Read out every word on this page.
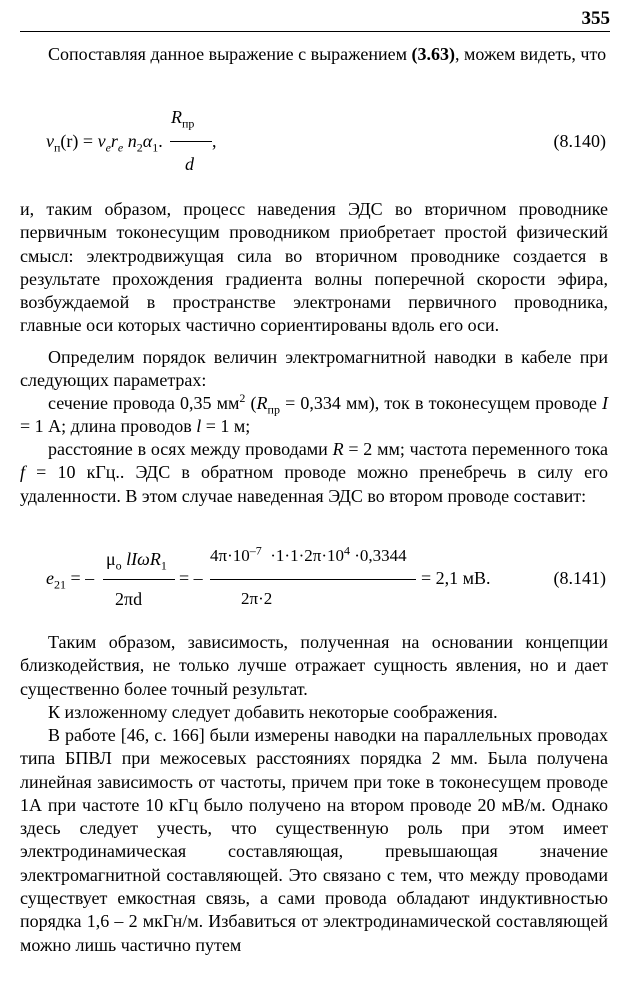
355

Сопоставляя данное выражение с выражением (3.63), можем видеть, что

$R_{пр}$
$v_п(r) = v_er_e$ $n_2\alpha_1$.	,
d
(8.140)

и, таким образом, процесс наведения ЭДС во вторичном проводнике первичным токонесущим проводником приобретает простой физический смысл: электродвижущая сила во вторичном проводнике создается в результате прохождения градиента волны поперечной скорости эфира, возбуждаемой в пространстве электронами первичного проводника, главные оси которых частично сориентированы вдоль его оси.

Определим порядок величин электромагнитной наводки в кабеле при следующих параметрах:

сечение провода 0,35 $мм^2$ ($R_{пр} = 0,334$ мм), ток в токонесущем проводе I = 1 А; длина проводов l = 1 м;

расстояние в осях между проводами R = 2 мм; частота переменного тока f = 10 кГц.. ЭДС в обратном проводе можно пренебречь в силу его удаленности. В этом случае наведенная ЭДС во втором проводе составит:

$\mu_о$ lIωR$_1$
2πd
$e_{21}$ = –	= –
$4\pi\cdot 10^{-7} \cdot 1\cdot 1\cdot 2\pi\cdot 10^4 \cdot 0,3344$
2π·2
= 2,1 мВ.	(8.141)

Таким образом, зависимость, полученная на основании концепции близкодействия, не только лучше отражает сущность явления, но и дает существенно более точный результат.

К изложенному следует добавить некоторые соображения.

В работе [46, с. 166] были измерены наводки на параллельных проводах типа БПВЛ при межосевых расстояниях порядка 2 мм. Была получена линейная зависимость от частоты, причем при токе в токонесущем проводе 1А при частоте 10 кГц было получено на втором проводе 20 мВ/м. Однако здесь следует учесть, что существенную роль при этом имеет электродинамическая составляющая, превышающая значение электромагнитной составляющей. Это связано с тем, что между проводами существует емкостная связь, а сами провода обладают индуктивностью порядка 1,6 – 2 мкГн/м. Избавиться от электродинамической составляющей можно лишь частично путем
